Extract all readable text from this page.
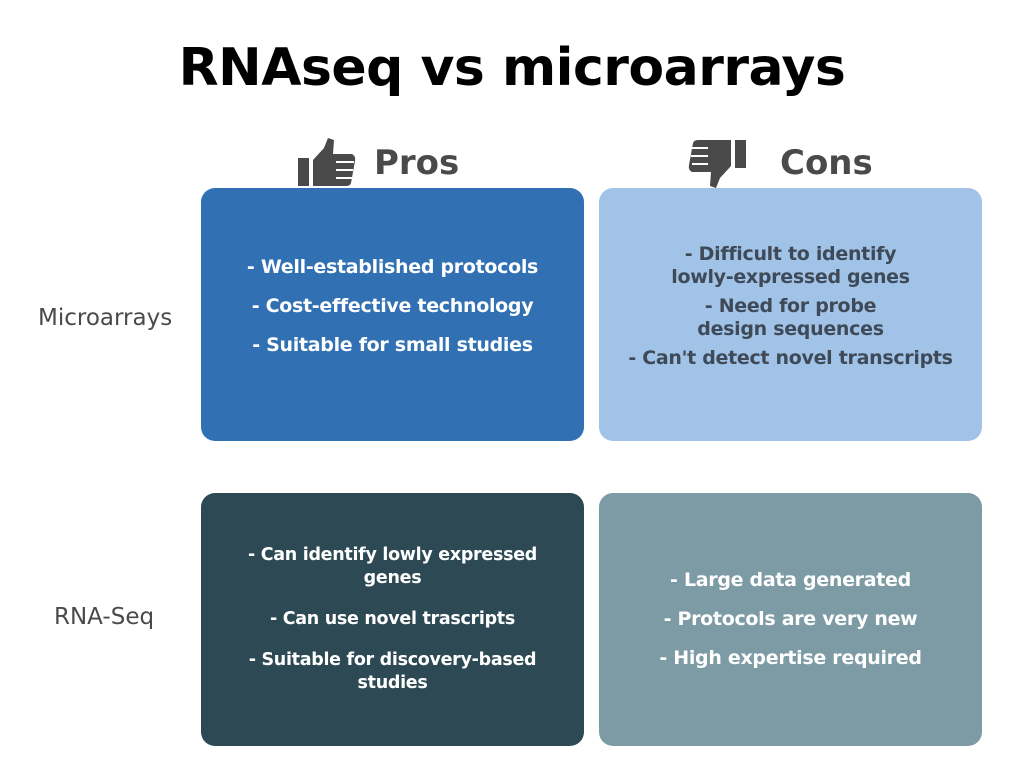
RNAseq vs microarrays
Pros	Cons
Microarrays
RNA-Seq
- Well-established protocols
- Cost-effective technology
- Suitable for small studies
- Difficult to identify lowly-expressed genes
- Need for probe design sequences
- Can't detect novel transcripts
- Can identify lowly expressed genes
- Can use novel trascripts
- Suitable for discovery-based studies
- Large data generated
- Protocols are very new
- High expertise required
